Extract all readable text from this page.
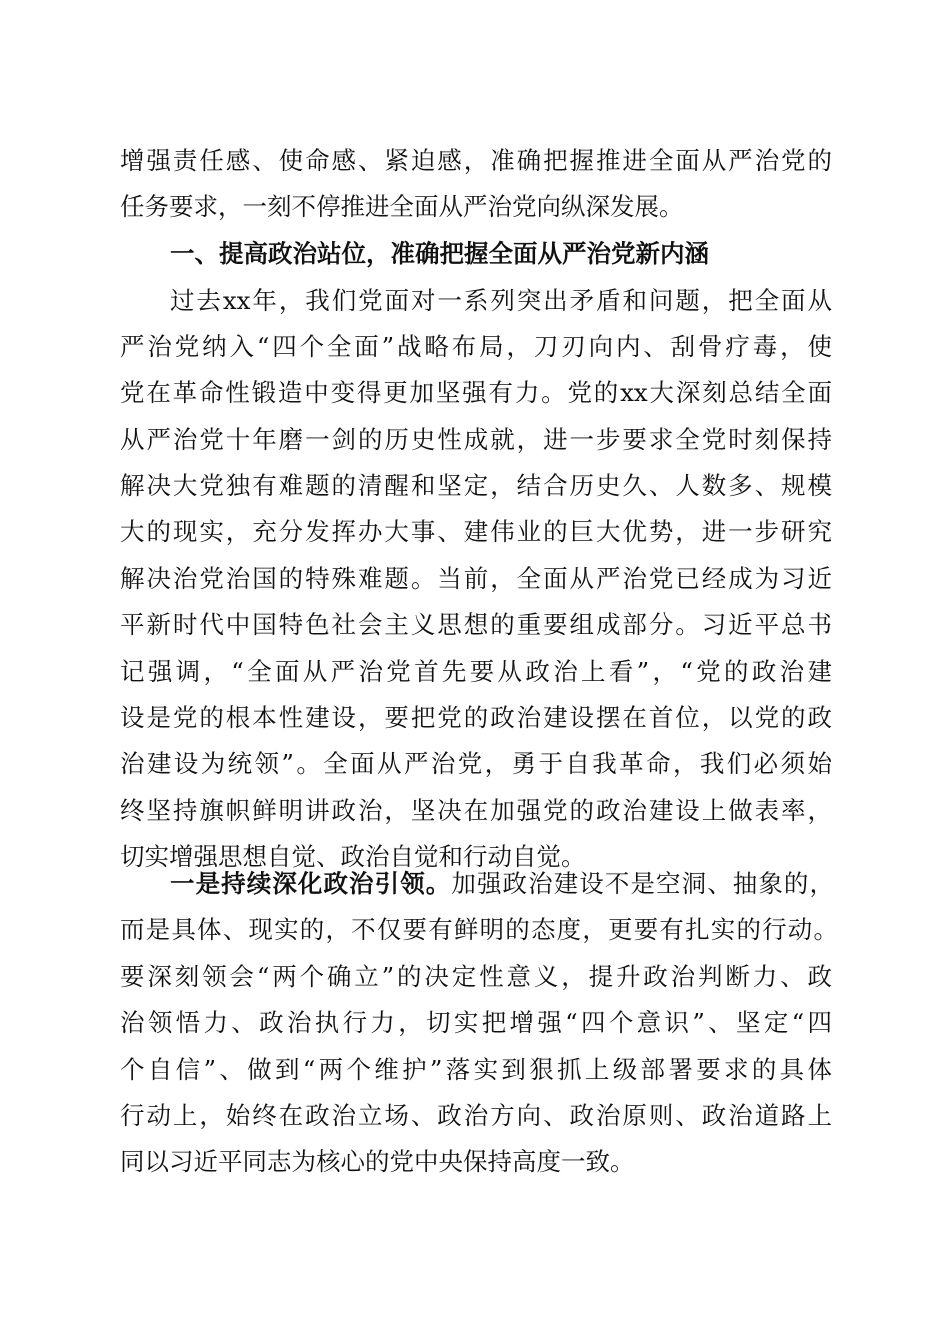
增强责任感、使命感、紧迫感，准确把握推进全面从严治党的
任务要求，一刻不停推进全面从严治党向纵深发展。
一、提高政治站位，准确把握全面从严治党新内涵
过去xx年，我们党面对一系列突出矛盾和问题，把全面从
严治党纳入“四个全面”战略布局，刀刃向内、刮骨疗毒，使
党在革命性锻造中变得更加坚强有力。党的xx大深刻总结全面
从严治党十年磨一剑的历史性成就，进一步要求全党时刻保持
解决大党独有难题的清醒和坚定，结合历史久、人数多、规模
大的现实，充分发挥办大事、建伟业的巨大优势，进一步研究
解决治党治国的特殊难题。当前，全面从严治党已经成为习近
平新时代中国特色社会主义思想的重要组成部分。习近平总书
记强调，“全面从严治党首先要从政治上看”，“党的政治建
设是党的根本性建设，要把党的政治建设摆在首位，以党的政
治建设为统领”。全面从严治党，勇于自我革命，我们必须始
终坚持旗帜鲜明讲政治，坚决在加强党的政治建设上做表率，
切实增强思想自觉、政治自觉和行动自觉。
一是持续深化政治引领。加强政治建设不是空洞、抽象的，
而是具体、现实的，不仅要有鲜明的态度，更要有扎实的行动。
要深刻领会“两个确立”的决定性意义，提升政治判断力、政
治领悟力、政治执行力，切实把增强“四个意识”、坚定“四
个自信”、做到“两个维护”落实到狠抓上级部署要求的具体
行动上，始终在政治立场、政治方向、政治原则、政治道路上
同以习近平同志为核心的党中央保持高度一致。
